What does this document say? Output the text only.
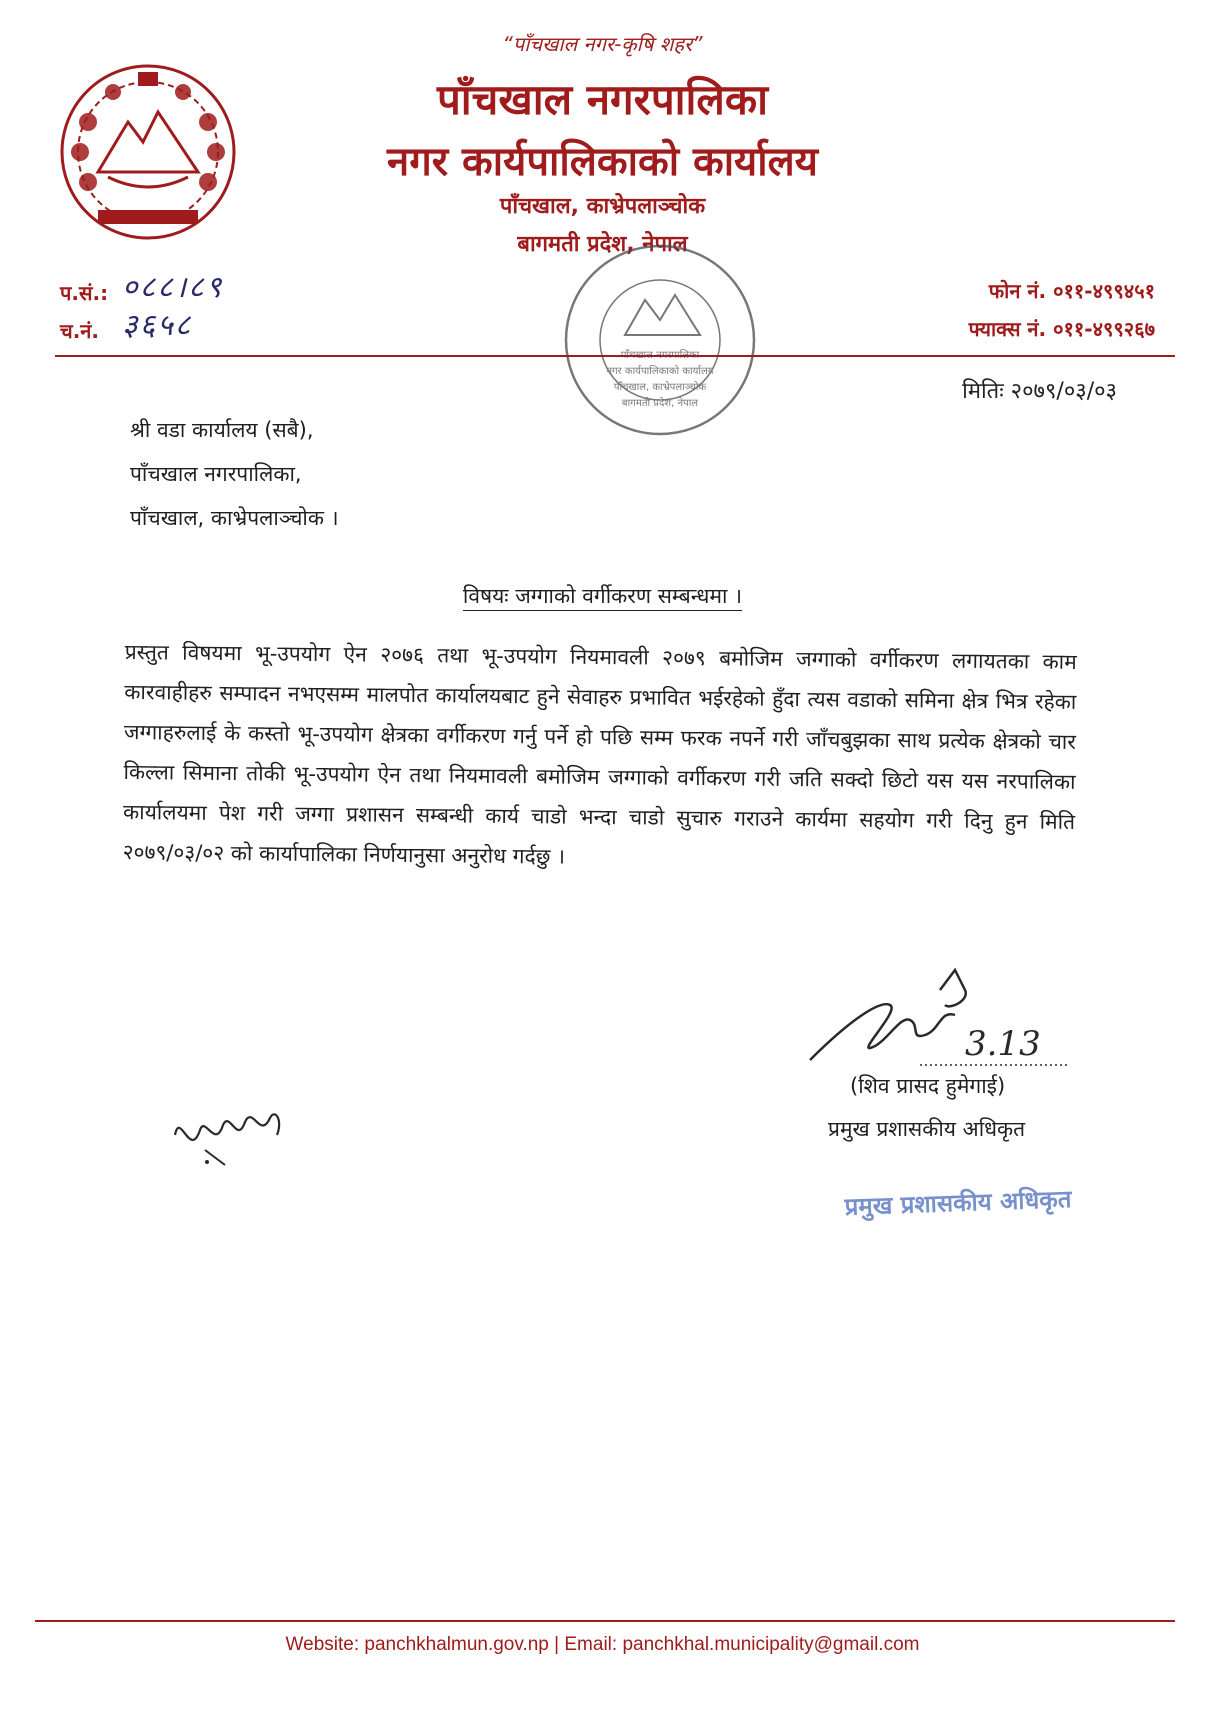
“पाँचखाल नगर-कृषि शहर”
पाँचखाल नगरपालिका
नगर कार्यपालिकाको कार्यालय
पाँचखाल, काभ्रेपलाञ्चोक
बागमती प्रदेश, नेपाल
प.सं.: ०८८।८९
च.नं. ३६५८
फोन नं. ०११-४९९४५१
फ्याक्स नं. ०११-४९९२६७
नगर कार्यपालिकाको कार्यालय
पाँचखाल, काभ्रेपलाञ्चोक
बागमती प्रदेश, नेपाल	मितिः २०७९/०३/०३
श्री वडा कार्यालय (सबै),
पाँचखाल नगरपालिका,
पाँचखाल, काभ्रेपलाञ्चोक ।
विषयः जग्गाको वर्गीकरण सम्बन्धमा ।
प्रस्तुत विषयमा भू-उपयोग ऐन २०७६ तथा भू-उपयोग नियमावली २०७९ बमोजिम जग्गाको वर्गीकरण लगायतका काम कारवाहीहरु सम्पादन नभएसम्म मालपोत कार्यालयबाट हुने सेवाहरु प्रभावित भईरहेको हुँदा त्यस वडाको समिना क्षेत्र भित्र रहेका जग्गाहरुलाई के कस्तो भू-उपयोग क्षेत्रका वर्गीकरण गर्नु पर्ने हो पछि सम्म फरक नपर्ने गरी जाँचबुझका साथ प्रत्येक क्षेत्रको चार किल्ला सिमाना तोकी भू-उपयोग ऐन तथा नियमावली बमोजिम जग्गाको वर्गीकरण गरी जति सक्दो छिटो यस यस नरपालिका कार्यालयमा पेश गरी जग्गा प्रशासन सम्बन्धी कार्य चाडो भन्दा चाडो सुचारु गराउने कार्यमा सहयोग गरी दिनु हुन मिति २०७९/०३/०२ को कार्यापालिका निर्णयानुसा अनुरोध गर्दछु ।
3.13
(शिव प्रासद हुमेगाई)
प्रमुख प्रशासकीय अधिकृत
प्रमुख प्रशासकीय अधिकृत
Website: panchkhalmun.gov.np | Email: panchkhal.municipality@gmail.com
